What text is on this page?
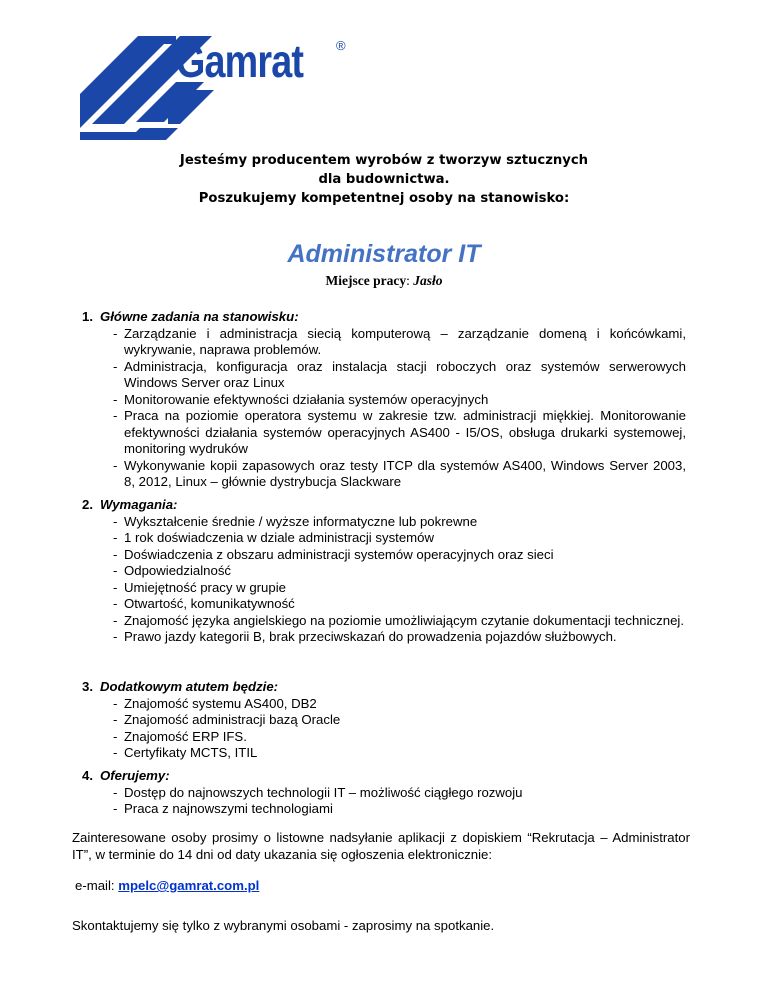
Gamrat	®
Jesteśmy producentem wyrobów z tworzyw sztucznych
dla budownictwa.
Poszukujemy kompetentnej osoby na stanowisko:
Administrator IT
Miejsce pracy: Jasło
1. Główne zadania na stanowisku:
- Zarządzanie i administracja siecią komputerową – zarządzanie domeną i końcówkami, wykrywanie, naprawa problemów.
- Administracja, konfiguracja oraz instalacja stacji roboczych oraz systemów serwerowych Windows Server oraz Linux
- Monitorowanie efektywności działania systemów operacyjnych
- Praca na poziomie operatora systemu w zakresie tzw. administracji miękkiej. Monitorowanie efektywności działania systemów operacyjnych AS400 - I5/OS, obsługa drukarki systemowej, monitoring wydruków
- Wykonywanie kopii zapasowych oraz testy ITCP dla systemów AS400, Windows Server 2003, 8, 2012, Linux – głównie dystrybucja Slackware
2. Wymagania:
- Wykształcenie średnie / wyższe informatyczne lub pokrewne
- 1 rok doświadczenia w dziale administracji systemów
- Doświadczenia z obszaru administracji systemów operacyjnych oraz sieci
- Odpowiedzialność
- Umiejętność pracy w grupie
- Otwartość, komunikatywność
- Znajomość języka angielskiego na poziomie umożliwiającym czytanie dokumentacji technicznej.
- Prawo jazdy kategorii B, brak przeciwskazań do prowadzenia pojazdów służbowych.
3. Dodatkowym atutem będzie:
- Znajomość systemu AS400, DB2
- Znajomość administracji bazą Oracle
- Znajomość ERP IFS.
- Certyfikaty MCTS, ITIL
4. Oferujemy:
- Dostęp do najnowszych technologii IT – możliwość ciągłego rozwoju
- Praca z najnowszymi technologiami
Zainteresowane osoby prosimy o listowne nadsyłanie aplikacji z dopiskiem “Rekrutacja – Administrator IT”, w terminie do 14 dni od daty ukazania się ogłoszenia elektronicznie:
e-mail: mpelc@gamrat.com.pl
Skontaktujemy się tylko z wybranymi osobami - zaprosimy na spotkanie.
